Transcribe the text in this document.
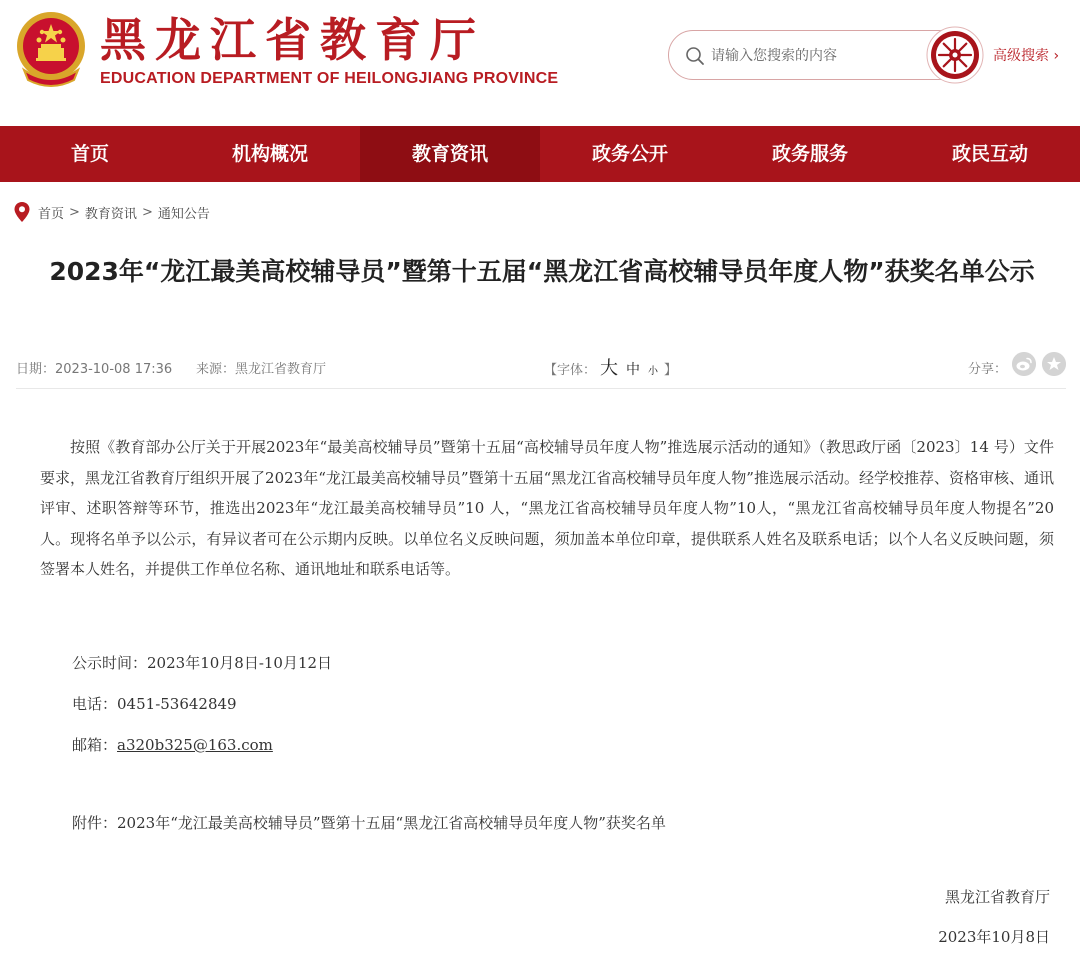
黑龙江省教育厅
EDUCATION DEPARTMENT OF HEILONGJIANG PROVINCE
请输入您搜索的内容
高级搜索 ›
首页	机构概况	教育资讯	政务公开	政务服务	政民互动
首页 > 教育资讯 > 通知公告
2023年“龙江最美高校辅导员”暨第十五届“黑龙江省高校辅导员年度人物”获奖名单公示
日期：2023-10-08 17:36 来源：黑龙江省教育厅	【字体： 大 中 小 】	分享：

按照《教育部办公厅关于开展2023年“最美高校辅导员”暨第十五届“高校辅导员年度人物”推选展示活动的通知》（教思政厅函〔2023〕14 号）文件要求，黑龙江省教育厅组织开展了2023年“龙江最美高校辅导员”暨第十五届“黑龙江省高校辅导员年度人物”推选展示活动。经学校推荐、资格审核、通讯评审、述职答辩等环节，推选出2023年“龙江最美高校辅导员”10 人，“黑龙江省高校辅导员年度人物”10人，“黑龙江省高校辅导员年度人物提名”20人。现将名单予以公示，有异议者可在公示期内反映。以单位名义反映问题，须加盖本单位印章，提供联系人姓名及联系电话；以个人名义反映问题，须签署本人姓名，并提供工作单位名称、通讯地址和联系电话等。

公示时间：2023年10月8日-10月12日
电话：0451-53642849
邮箱：a320b325@163.com
附件：2023年“龙江最美高校辅导员”暨第十五届“黑龙江省高校辅导员年度人物”获奖名单
黑龙江省教育厅
2023年10月8日
